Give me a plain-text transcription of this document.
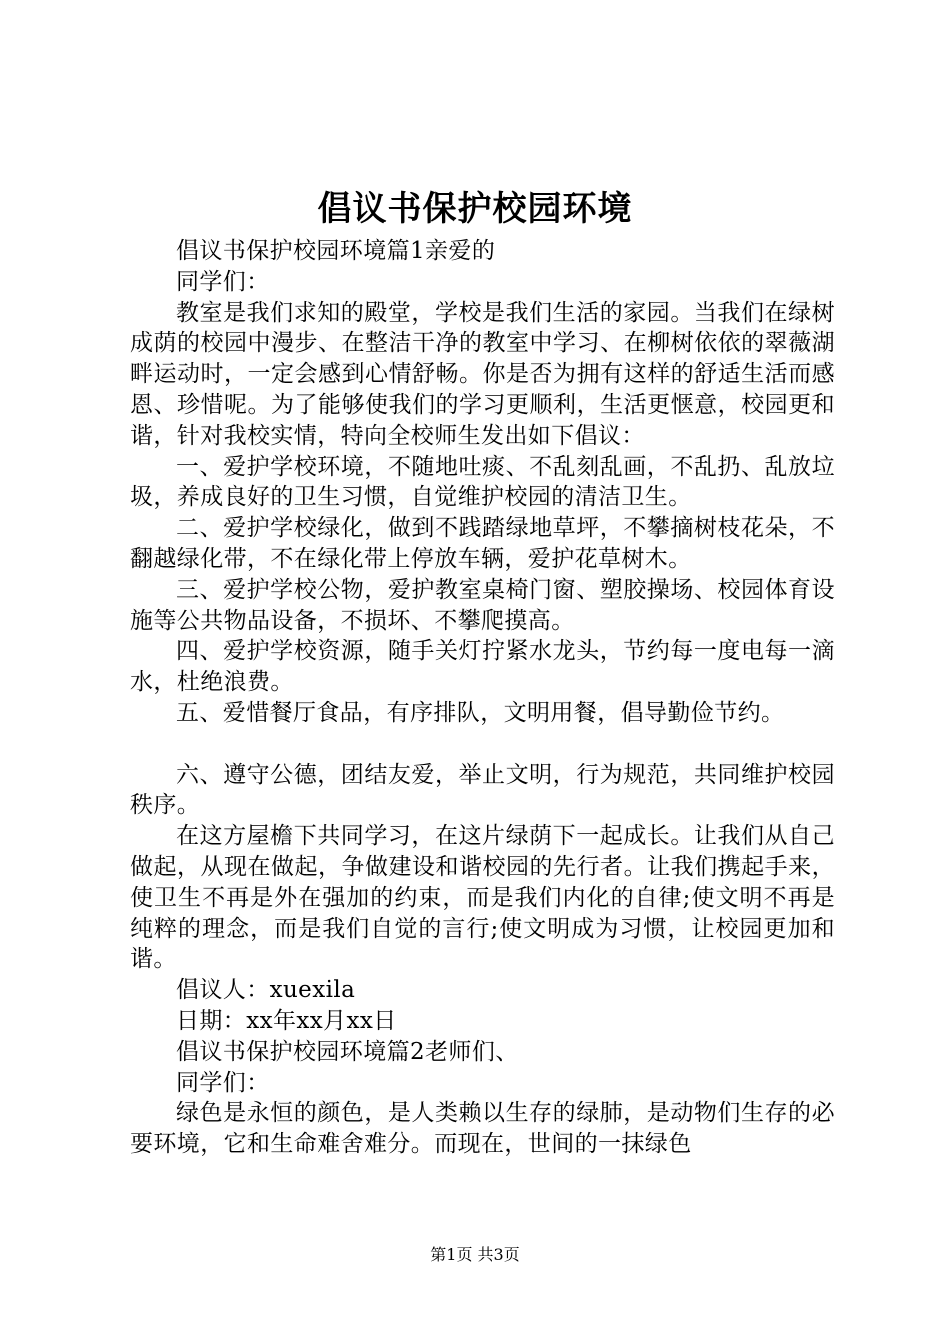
倡议书保护校园环境

倡议书保护校园环境篇1亲爱的

同学们：

教室是我们求知的殿堂，学校是我们生活的家园。当我们在绿树成荫的校园中漫步、在整洁干净的教室中学习、在柳树依依的翠薇湖畔运动时，一定会感到心情舒畅。你是否为拥有这样的舒适生活而感恩、珍惜呢。为了能够使我们的学习更顺利，生活更惬意，校园更和谐，针对我校实情，特向全校师生发出如下倡议：

一、爱护学校环境，不随地吐痰、不乱刻乱画，不乱扔、乱放垃圾，养成良好的卫生习惯，自觉维护校园的清洁卫生。

二、爱护学校绿化，做到不践踏绿地草坪，不攀摘树枝花朵，不翻越绿化带，不在绿化带上停放车辆，爱护花草树木。

三、爱护学校公物，爱护教室桌椅门窗、塑胶操场、校园体育设施等公共物品设备，不损坏、不攀爬摸高。

四、爱护学校资源，随手关灯拧紧水龙头，节约每一度电每一滴水，杜绝浪费。

五、爱惜餐厅食品，有序排队，文明用餐，倡导勤俭节约。

六、遵守公德，团结友爱，举止文明，行为规范，共同维护校园秩序。

在这方屋檐下共同学习，在这片绿荫下一起成长。让我们从自己做起，从现在做起，争做建设和谐校园的先行者。让我们携起手来，使卫生不再是外在强加的约束，而是我们内化的自律;使文明不再是纯粹的理念，而是我们自觉的言行;使文明成为习惯，让校园更加和谐。

倡议人：xuexila

日期：xx年xx月xx日

倡议书保护校园环境篇2老师们、

同学们：

绿色是永恒的颜色，是人类赖以生存的绿肺，是动物们生存的必要环境，它和生命难舍难分。而现在，世间的一抹绿色

第1页 共3页
